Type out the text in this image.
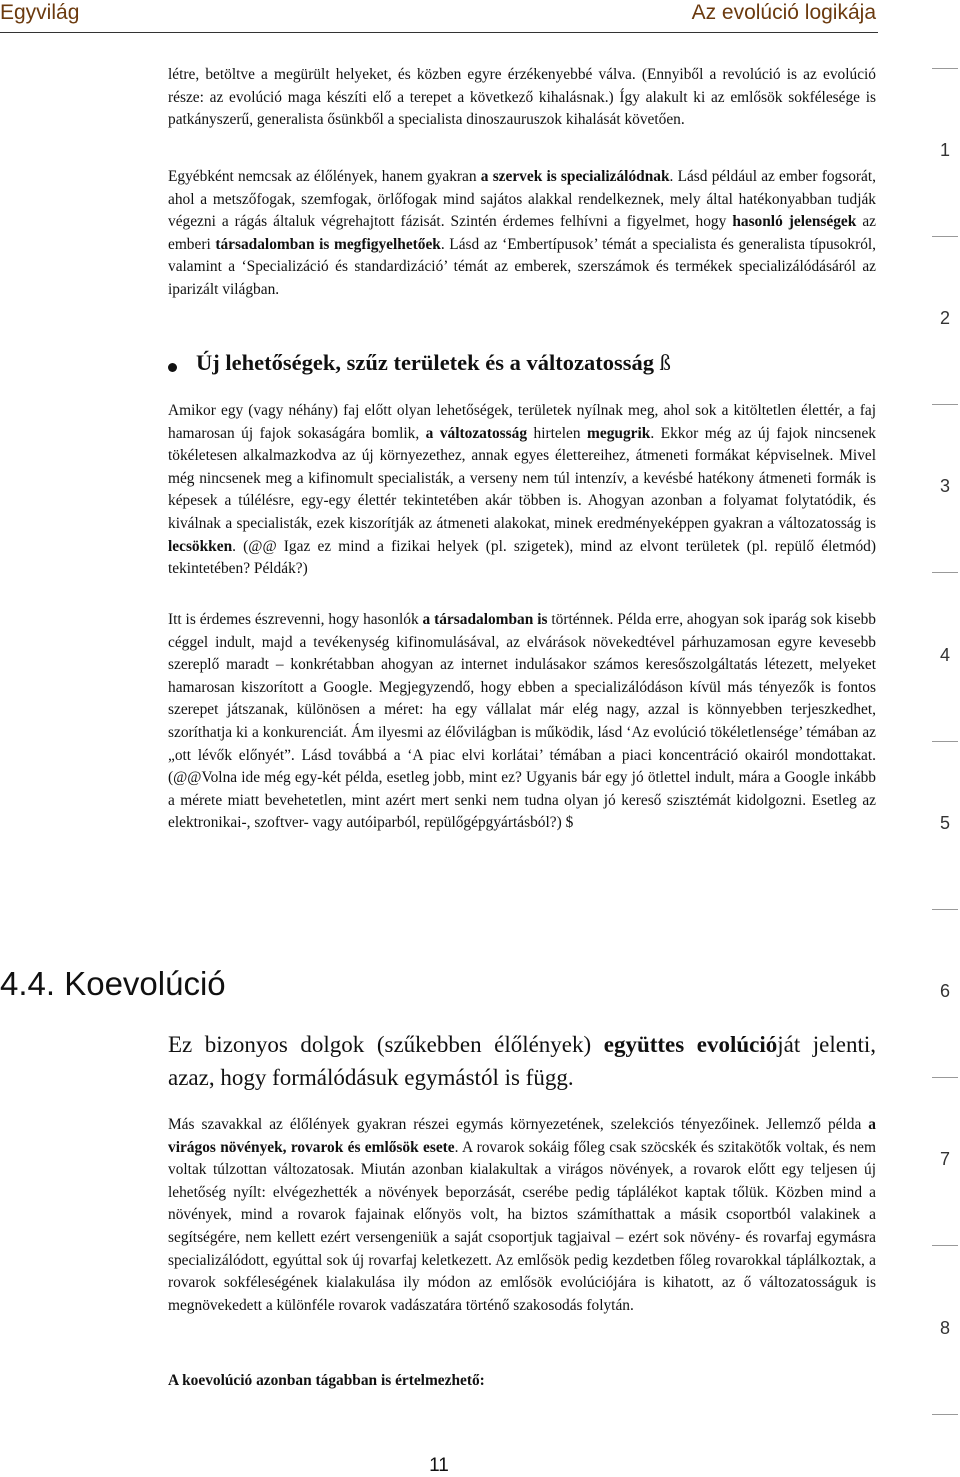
Egyvilág	Az evolúció logikája
1
2
3
4
5
6
7
8

létre, betöltve a megürült helyeket, és közben egyre érzékenyebbé válva. (Ennyiből a revolúció is az evolúció része: az evolúció maga készíti elő a terepet a következő kihalásnak.) Így alakult ki az emlősök sokfélesége is patkányszerű, generalista ősünkből a specialista dinoszauruszok kihalását követően.

Egyébként nemcsak az élőlények, hanem gyakran a szervek is specializálódnak. Lásd például az ember fogsorát, ahol a metszőfogak, szemfogak, örlőfogak mind sajátos alakkal rendelkeznek, mely által hatékonyabban tudják végezni a rágás általuk végrehajtott fázisát. Szintén érdemes felhívni a figyelmet, hogy hasonló jelenségek az emberi társadalomban is megfigyelhetőek. Lásd az ‘Embertípusok’ témát a specialista és generalista típusokról, valamint a ‘Specializáció és standardizáció’ témát az emberek, szerszámok és termékek specializálódásáról az iparizált világban.

Új lehetőségek, szűz területek és a változatosság ß

Amikor egy (vagy néhány) faj előtt olyan lehetőségek, területek nyílnak meg, ahol sok a kitöltetlen élettér, a faj hamarosan új fajok sokaságára bomlik, a változatosság hirtelen megugrik. Ekkor még az új fajok nincsenek tökéletesen alkalmazkodva az új környezethez, annak egyes élettereihez, átmeneti formákat képviselnek. Mivel még nincsenek meg a kifinomult specialisták, a verseny nem túl intenzív, a kevésbé hatékony átmeneti formák is képesek a túlélésre, egy-egy élettér tekintetében akár többen is. Ahogyan azonban a folyamat folytatódik, és kiválnak a specialisták, ezek kiszorítják az átmeneti alakokat, minek eredményeképpen gyakran a változatosság is lecsökken. (@@ Igaz ez mind a fizikai helyek (pl. szigetek), mind az elvont területek (pl. repülő életmód) tekintetében? Példák?)

Itt is érdemes észrevenni, hogy hasonlók a társadalomban is történnek. Példa erre, ahogyan sok iparág sok kisebb céggel indult, majd a tevékenység kifinomulásával, az elvárások növekedtével párhuzamosan egyre kevesebb szereplő maradt – konkrétabban ahogyan az internet indulásakor számos keresőszolgáltatás létezett, melyeket hamarosan kiszorított a Google. Megjegyzendő, hogy ebben a specializálódáson kívül más tényezők is fontos szerepet játszanak, különösen a méret: ha egy vállalat már elég nagy, azzal is könnyebben terjeszkedhet, szoríthatja ki a konkurenciát. Ám ilyesmi az élővilágban is működik, lásd ‘Az evolúció tökéletlensége’ témában az „ott lévők előnyét”. Lásd továbbá a ‘A piac elvi korlátai’ témában a piaci koncentráció okairól mondottakat. (@@Volna ide még egy-két példa, esetleg jobb, mint ez? Ugyanis bár egy jó ötlettel indult, mára a Google inkább a mérete miatt bevehetetlen, mint azért mert senki nem tudna olyan jó kereső szisztémát kidolgozni. Esetleg az elektronikai-, szoftver- vagy autóiparból, repülőgépgyártásból?) $

4.4. Koevolúció

Ez bizonyos dolgok (szűkebben élőlények) együttes evolúcióját jelenti, azaz, hogy formálódásuk egymástól is függ.

Más szavakkal az élőlények gyakran részei egymás környezetének, szelekciós tényezőinek. Jellemző példa a virágos növények, rovarok és emlősök esete. A rovarok sokáig főleg csak szöcskék és szitakötők voltak, és nem voltak túlzottan változatosak. Miután azonban kialakultak a virágos növények, a rovarok előtt egy teljesen új lehetőség nyílt: elvégezhették a növények beporzását, cserébe pedig táplálékot kaptak tőlük. Közben mind a növények, mind a rovarok fajainak előnyös volt, ha biztos számíthattak a másik csoportból valakinek a segítségére, nem kellett ezért versengeniük a saját csoportjuk tagjaival – ezért sok növény- és rovarfaj egymásra specializálódott, egyúttal sok új rovarfaj keletkezett. Az emlősök pedig kezdetben főleg rovarokkal táplálkoztak, a rovarok sokféleségének kialakulása ily módon az emlősök evolúciójára is kihatott, az ő változatosságuk is megnövekedett a különféle rovarok vadászatára történő szakosodás folytán.

A koevolúció azonban tágabban is értelmezhető:
11
